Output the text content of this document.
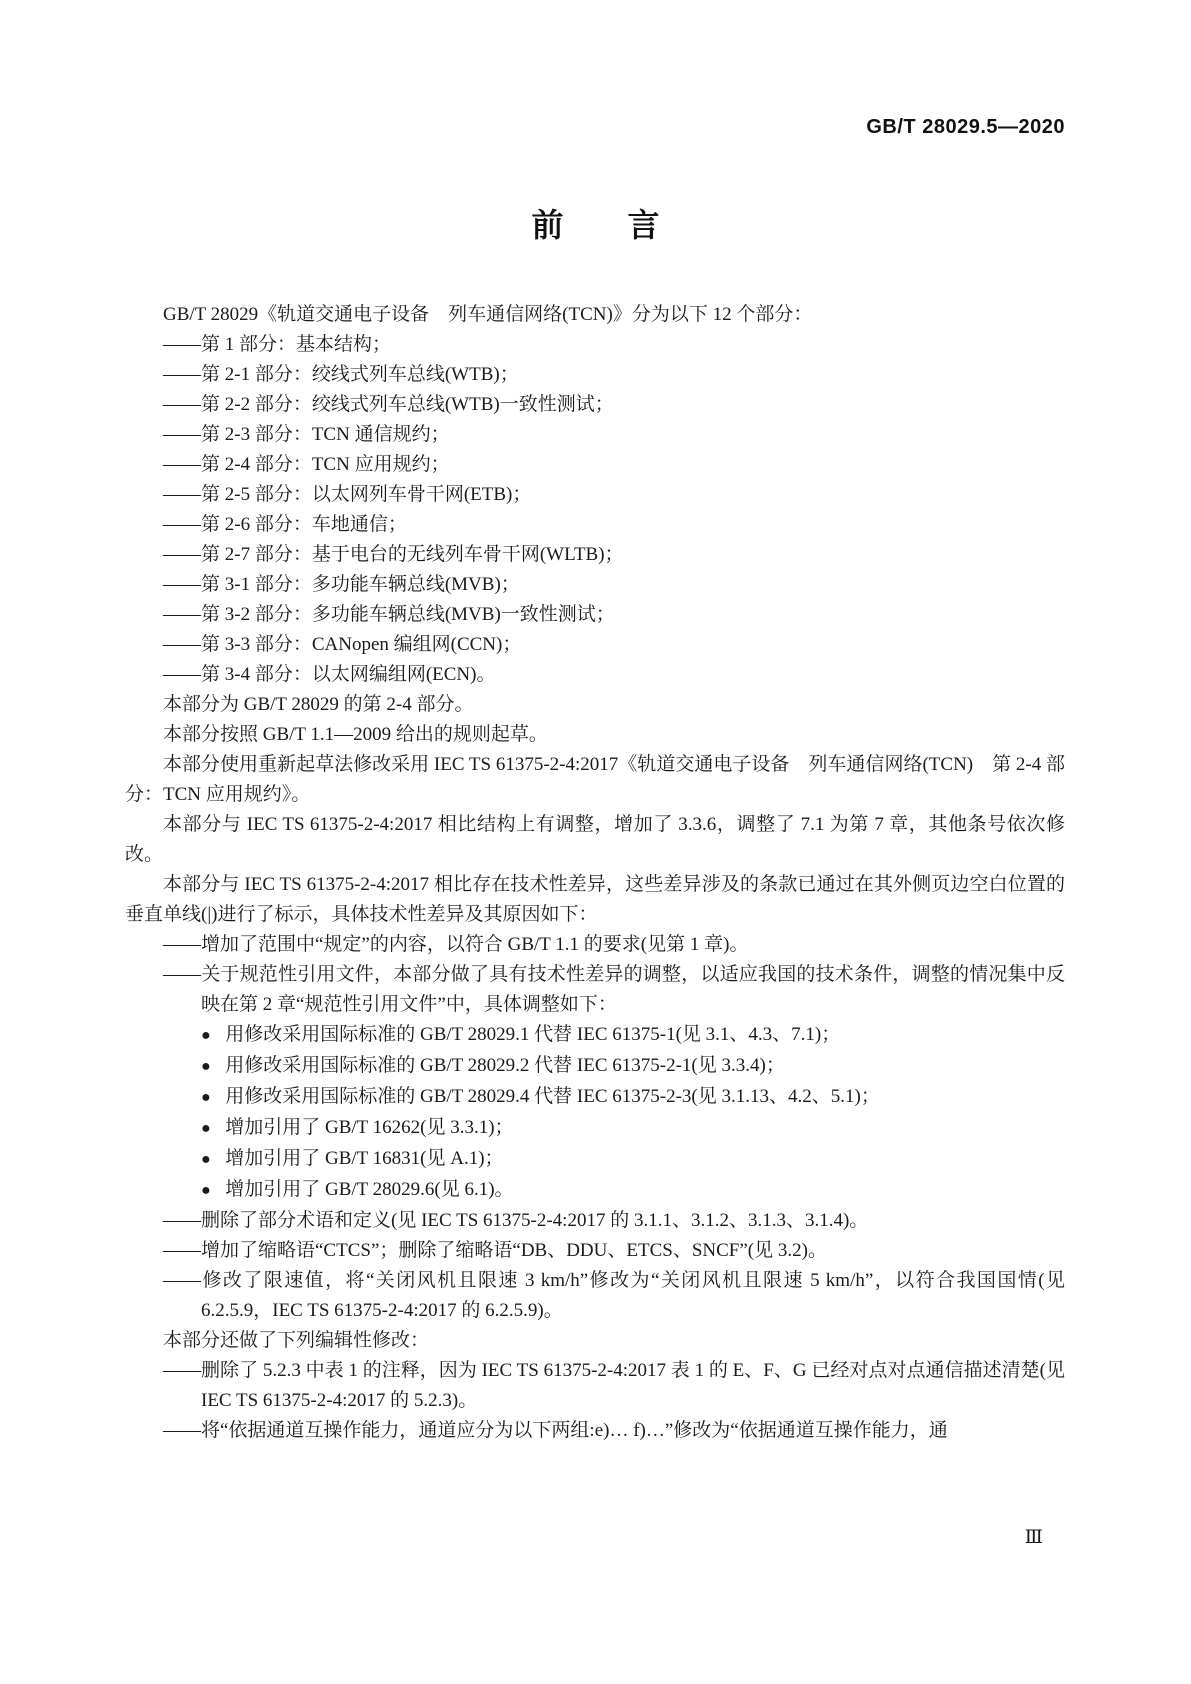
GB/T 28029.5—2020
前　　言

GB/T 28029《轨道交通电子设备　列车通信网络(TCN)》分为以下 12 个部分：

——第 1 部分：基本结构；

——第 2-1 部分：绞线式列车总线(WTB)；

——第 2-2 部分：绞线式列车总线(WTB)一致性测试；

——第 2-3 部分：TCN 通信规约；

——第 2-4 部分：TCN 应用规约；

——第 2-5 部分：以太网列车骨干网(ETB)；

——第 2-6 部分：车地通信；

——第 2-7 部分：基于电台的无线列车骨干网(WLTB)；

——第 3-1 部分：多功能车辆总线(MVB)；

——第 3-2 部分：多功能车辆总线(MVB)一致性测试；

——第 3-3 部分：CANopen 编组网(CCN)；

——第 3-4 部分：以太网编组网(ECN)。

本部分为 GB/T 28029 的第 2-4 部分。

本部分按照 GB/T 1.1—2009 给出的规则起草。

本部分使用重新起草法修改采用 IEC TS 61375-2-4:2017《轨道交通电子设备　列车通信网络(TCN)　第 2-4 部分：TCN 应用规约》。

本部分与 IEC TS 61375-2-4:2017 相比结构上有调整，增加了 3.3.6，调整了 7.1 为第 7 章，其他条号依次修改。

本部分与 IEC TS 61375-2-4:2017 相比存在技术性差异，这些差异涉及的条款已通过在其外侧页边空白位置的垂直单线(|)进行了标示，具体技术性差异及其原因如下：

——增加了范围中“规定”的内容，以符合 GB/T 1.1 的要求(见第 1 章)。

——关于规范性引用文件，本部分做了具有技术性差异的调整，以适应我国的技术条件，调整的情况集中反映在第 2 章“规范性引用文件”中，具体调整如下：

● 用修改采用国际标准的 GB/T 28029.1 代替 IEC 61375-1(见 3.1、4.3、7.1)；

● 用修改采用国际标准的 GB/T 28029.2 代替 IEC 61375-2-1(见 3.3.4)；

● 用修改采用国际标准的 GB/T 28029.4 代替 IEC 61375-2-3(见 3.1.13、4.2、5.1)；

● 增加引用了 GB/T 16262(见 3.3.1)；

● 增加引用了 GB/T 16831(见 A.1)；

● 增加引用了 GB/T 28029.6(见 6.1)。

——删除了部分术语和定义(见 IEC TS 61375-2-4:2017 的 3.1.1、3.1.2、3.1.3、3.1.4)。

——增加了缩略语“CTCS”；删除了缩略语“DB、DDU、ETCS、SNCF”(见 3.2)。

——修改了限速值，将“关闭风机且限速 3 km/h”修改为“关闭风机且限速 5 km/h”，以符合我国国情(见 6.2.5.9，IEC TS 61375-2-4:2017 的 6.2.5.9)。

本部分还做了下列编辑性修改：

——删除了 5.2.3 中表 1 的注释，因为 IEC TS 61375-2-4:2017 表 1 的 E、F、G 已经对点对点通信描述清楚(见 IEC TS 61375-2-4:2017 的 5.2.3)。

——将“依据通道互操作能力，通道应分为以下两组:e)… f)…”修改为“依据通道互操作能力，通

Ⅲ
